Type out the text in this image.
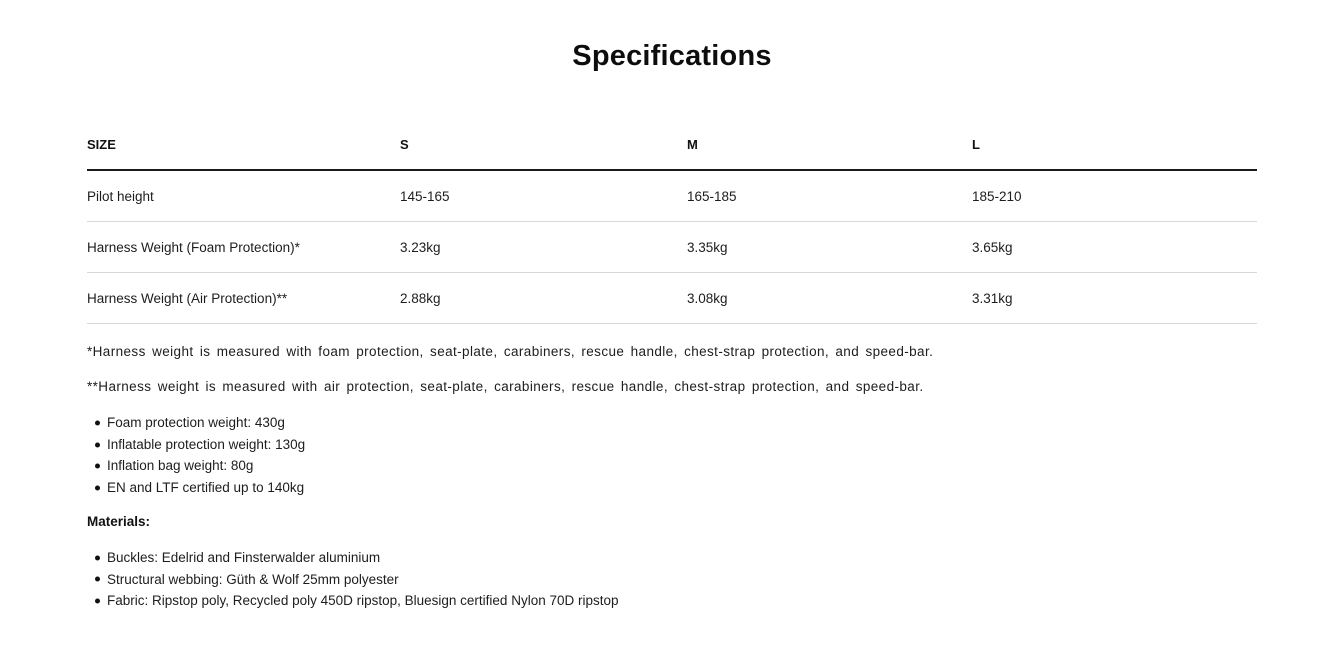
Specifications
SIZE	S	M	L
Pilot height	145-165	165-185	185-210
Harness Weight (Foam Protection)*	3.23kg	3.35kg	3.65kg
Harness Weight (Air Protection)**	2.88kg	3.08kg	3.31kg

*Harness weight is measured with foam protection, seat-plate, carabiners, rescue handle, chest-strap protection, and speed-bar.

**Harness weight is measured with air protection, seat-plate, carabiners, rescue handle, chest-strap protection, and speed-bar.

Foam protection weight: 430g
Inflatable protection weight: 130g
Inflation bag weight: 80g
EN and LTF certified up to 140kg

Materials:

Buckles: Edelrid and Finsterwalder aluminium
Structural webbing: Güth & Wolf 25mm polyester
Fabric: Ripstop poly, Recycled poly 450D ripstop, Bluesign certified Nylon 70D ripstop
